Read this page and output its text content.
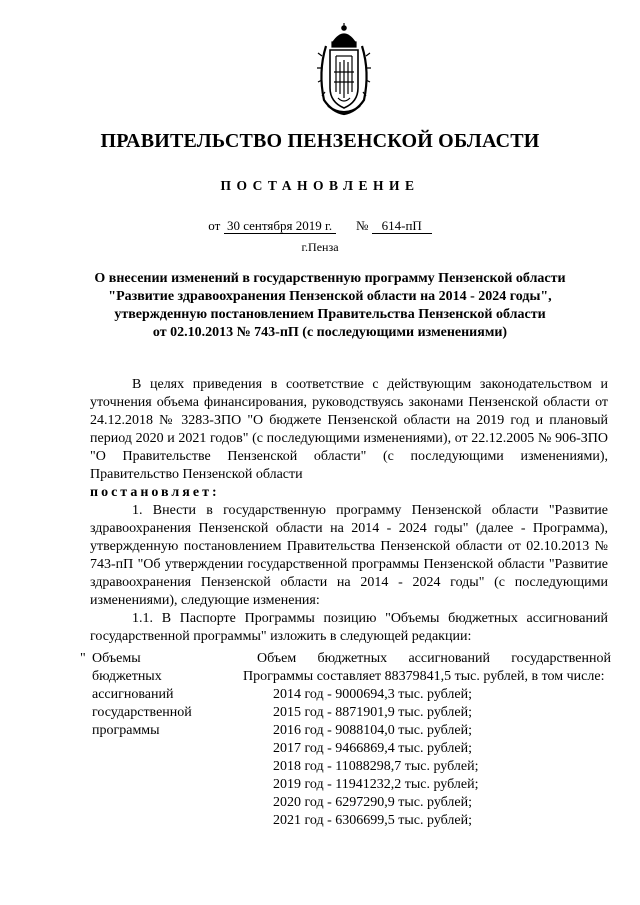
ПРАВИТЕЛЬСТВО ПЕНЗЕНСКОЙ ОБЛАСТИ
ПОСТАНОВЛЕНИЕ
от 30 сентября 2019 г. № 614-пП
г.Пенза
О внесении изменений в государственную программу Пензенской области
"Развитие здравоохранения Пензенской области на 2014 - 2024 годы",
утвержденную постановлением Правительства Пензенской области
от 02.10.2013 № 743-пП (с последующими изменениями)

В целях приведения в соответствие с действующим законодательством и уточнения объема финансирования, руководствуясь законами Пензенской области от 24.12.2018 № 3283-ЗПО "О бюджете Пензенской области на 2019 год и плановый период 2020 и 2021 годов" (с последующими изменениями), от 22.12.2005 № 906-ЗПО "О Правительстве Пензенской области" (с последующими изменениями), Правительство Пензенской области

постановляет:

1. Внести в государственную программу Пензенской области "Развитие здравоохранения Пензенской области на 2014 - 2024 годы" (далее - Программа), утвержденную постановлением Правительства Пензенской области от 02.10.2013 № 743-пП "Об утверждении государственной программы Пензенской области "Развитие здравоохранения Пензенской области на 2014 - 2024 годы" (с последующими изменениями), следующие изменения:

1.1. В Паспорте Программы позицию "Объемы бюджетных ассигнований государственной программы" изложить в следующей редакции:

" Объемы
бюджетных
ассигнований
государственной
программы
Объем бюджетных ассигнований государственной Программы составляет 88379841,5 тыс. рублей, в том числе:
2014 год - 9000694,3 тыс. рублей;
2015 год - 8871901,9 тыс. рублей;
2016 год - 9088104,0 тыс. рублей;
2017 год - 9466869,4 тыс. рублей;
2018 год - 11088298,7 тыс. рублей;
2019 год - 11941232,2 тыс. рублей;
2020 год - 6297290,9 тыс. рублей;
2021 год - 6306699,5 тыс. рублей;
